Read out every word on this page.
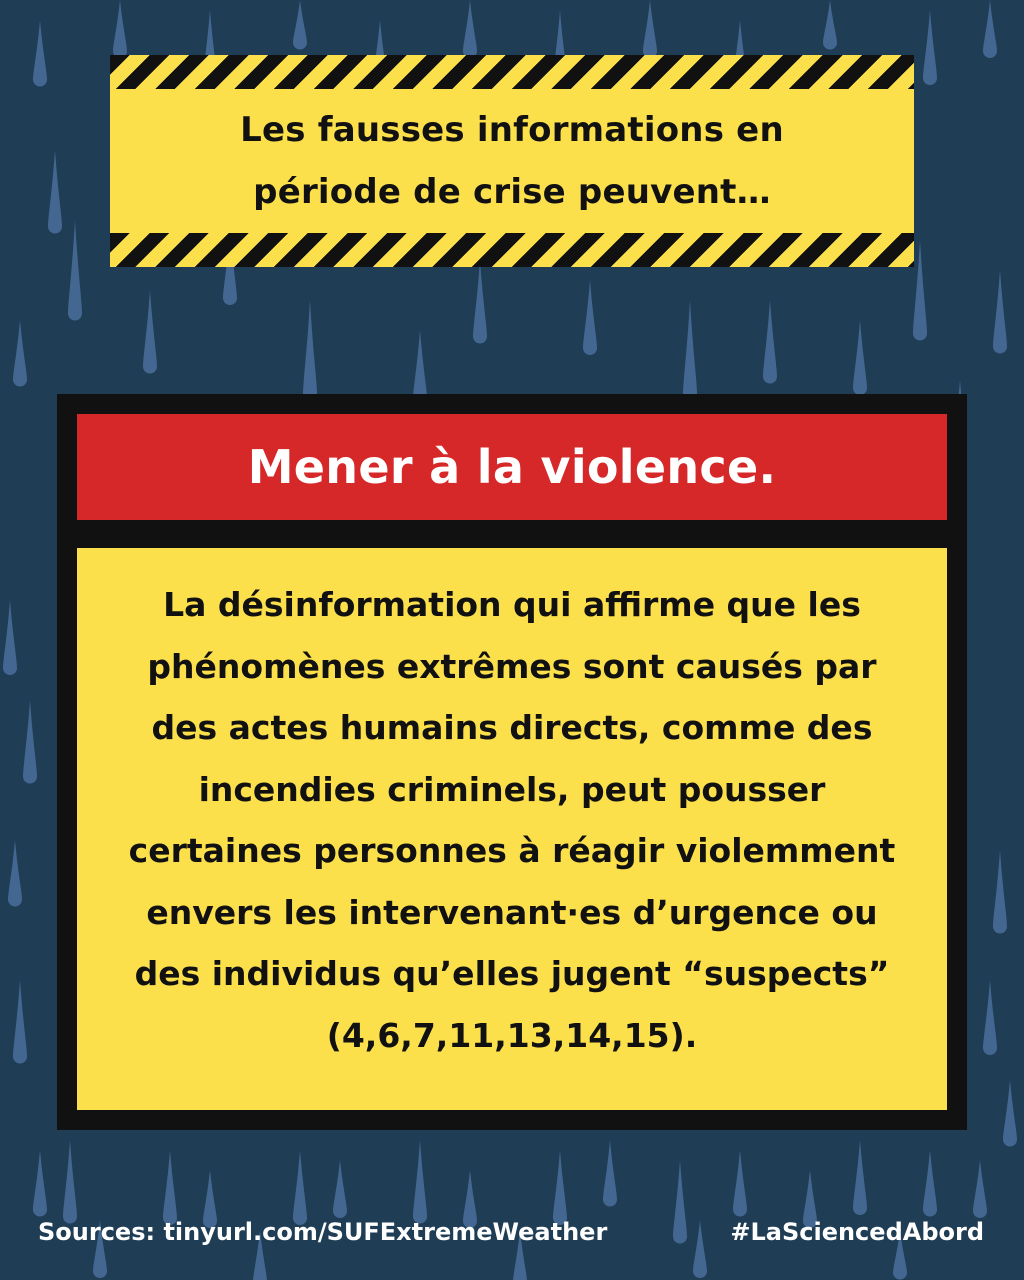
Les fausses informations en période de crise peuvent…
Mener à la violence.
La désinformation qui affirme que les phénomènes extrêmes sont causés par des actes humains directs, comme des incendies criminels, peut pousser certaines personnes à réagir violemment envers les intervenant·es d’urgence ou des individus qu’elles jugent “suspects” (4,6,7,11,13,14,15).
Sources: tinyurl.com/SUFExtremeWeather	#LaSciencedAbord
